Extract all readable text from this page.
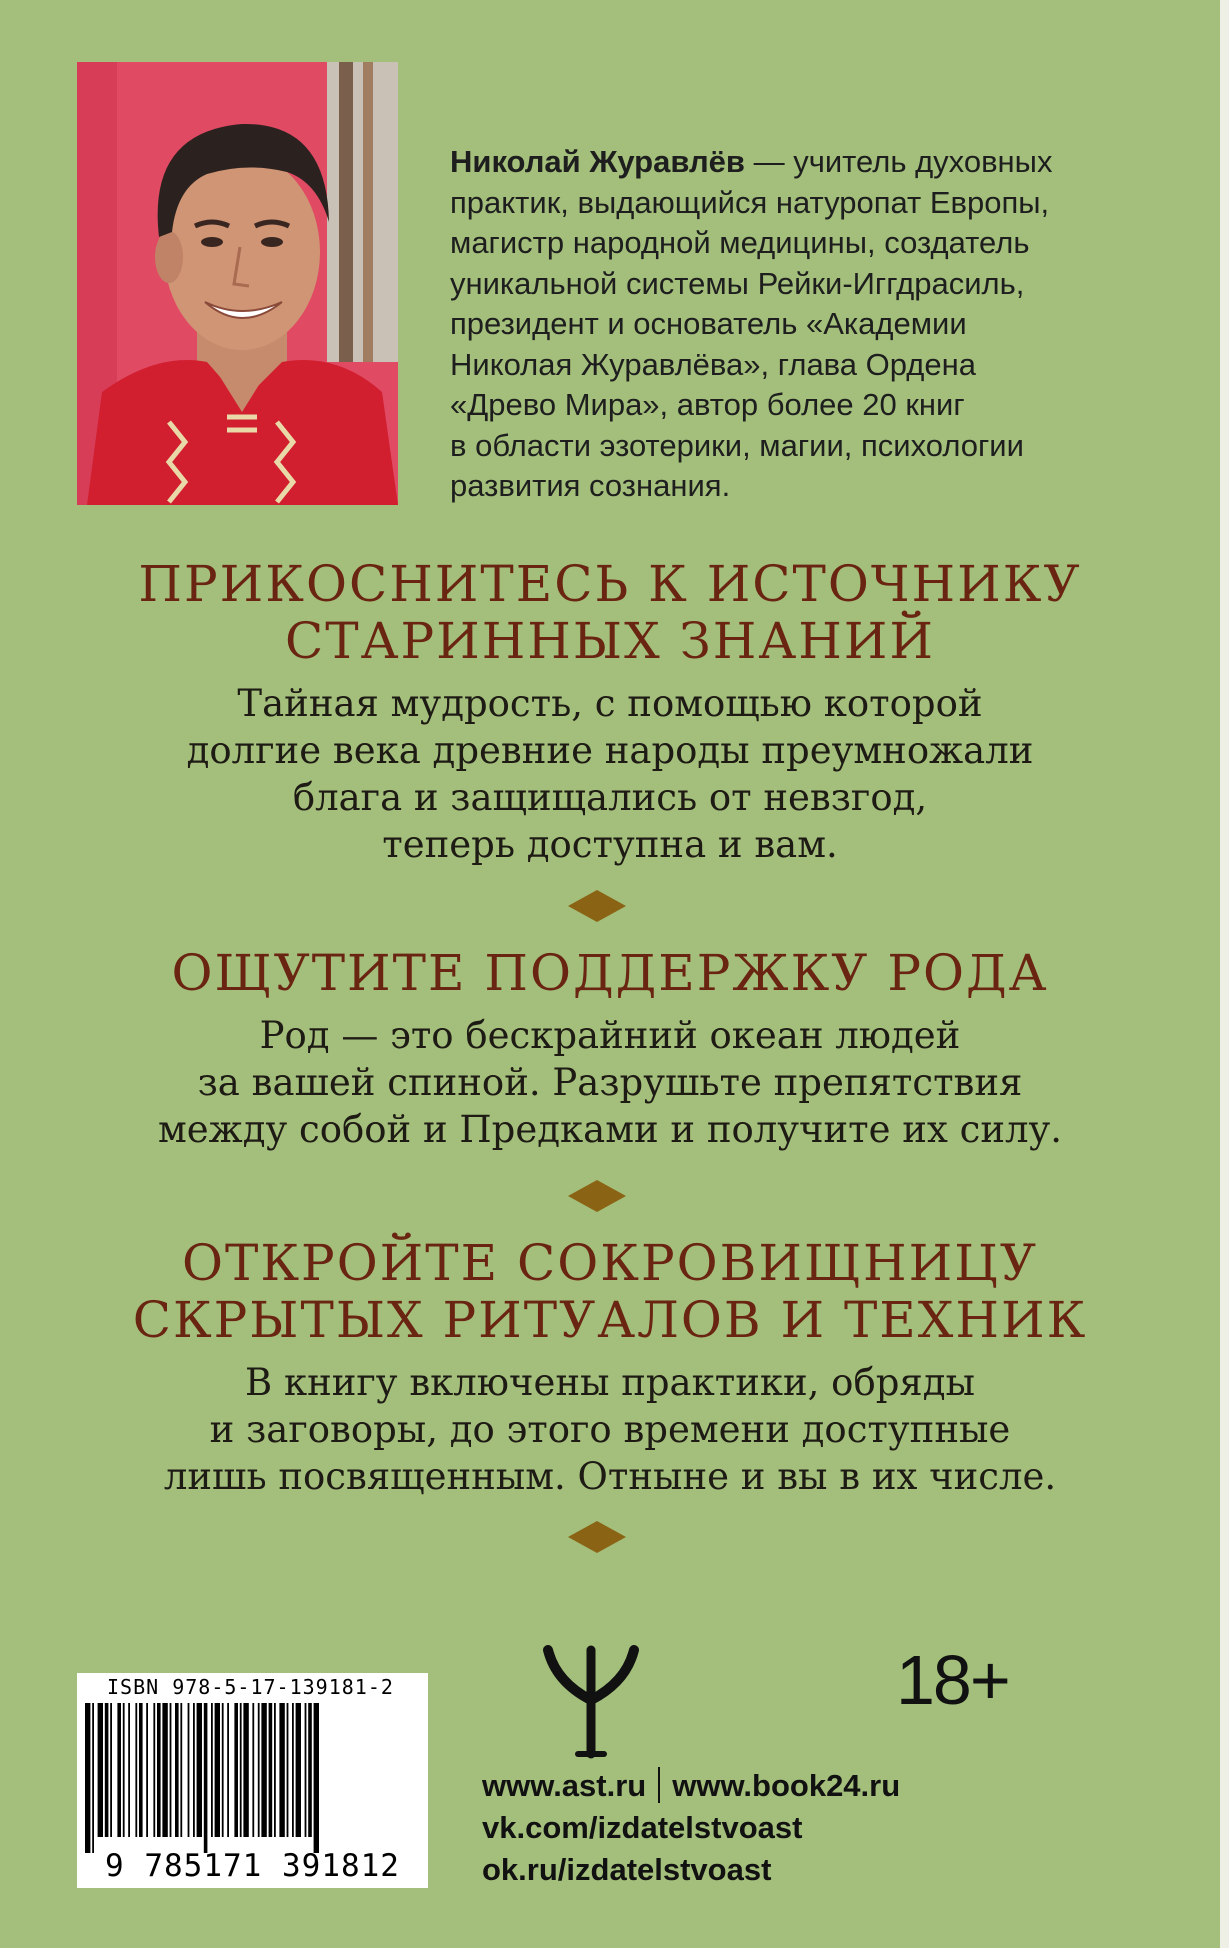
Николай Журавлёв — учитель духовных
практик, выдающийся натуропат Европы,
магистр народной медицины, создатель
уникальной системы Рейки-Иггдрасиль,
президент и основатель «Академии
Николая Журавлёва», глава Ордена
«Древо Мира», автор более 20 книг
в области эзотерики, магии, психологии
развития сознания.
ПРИКОСНИТЕСЬ К ИСТОЧНИКУ
СТАРИННЫХ ЗНАНИЙ
Тайная мудрость, с помощью которой
долгие века древние народы преумножали
блага и защищались от невзгод,
теперь доступна и вам.
ОЩУТИТЕ ПОДДЕРЖКУ РОДА
Род — это бескрайний океан людей
за вашей спиной. Разрушьте препятствия
между собой и Предками и получите их силу.
ОТКРОЙТЕ СОКРОВИЩНИЦУ
СКРЫТЫХ РИТУАЛОВ И ТЕХНИК
В книгу включены практики, обряды
и заговоры, до этого времени доступные
лишь посвященным. Отныне и вы в их числе.
ISBN 978-5-17-139181-2
9 785171 391812
18+
www.ast.ru www.book24.ru
vk.com/izdatelstvoast
ok.ru/izdatelstvoast
